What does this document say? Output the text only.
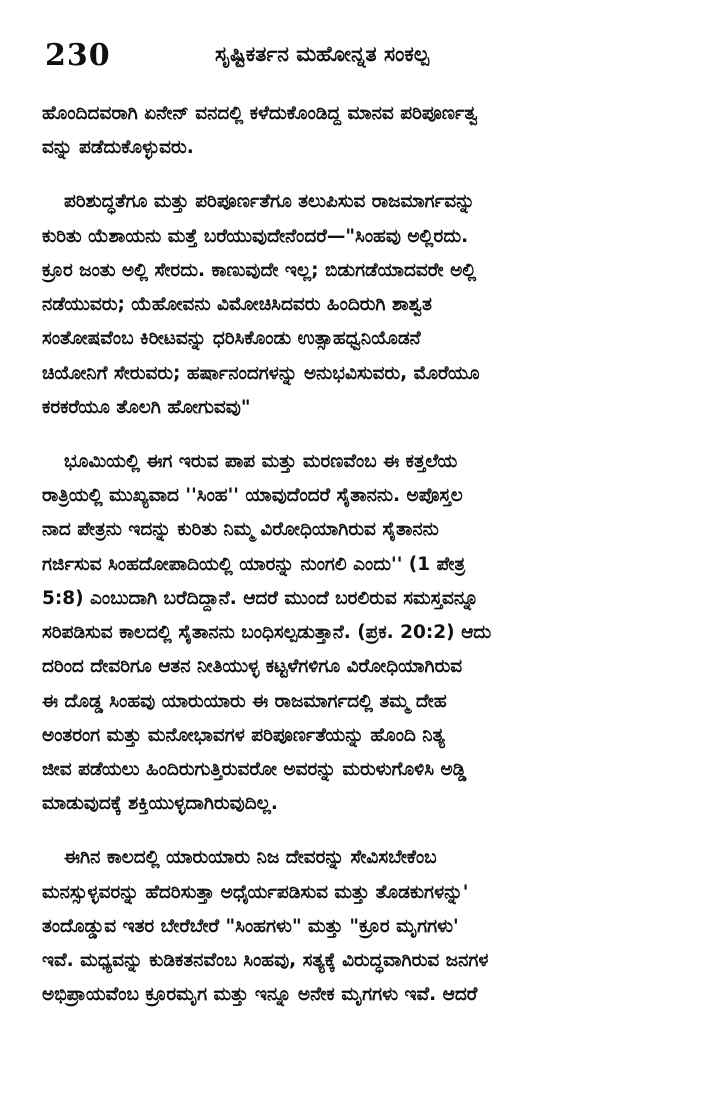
230	ಸೃಷ್ಟಿಕರ್ತನ ಮಹೋನ್ನತ ಸಂಕಲ್ಪ

ಹೊಂದಿದವರಾಗಿ ಏನೇನ್ ವನದಲ್ಲಿ ಕಳೆದುಕೊಂಡಿದ್ದ ಮಾನವ ಪರಿಪೂರ್ಣತ್ವ
ವನ್ನು ಪಡೆದುಕೊಳ್ಳುವರು.

ಪರಿಶುದ್ಧತೆಗೂ ಮತ್ತು ಪರಿಪೂರ್ಣತೆಗೂ ತಲುಪಿಸುವ ರಾಜಮಾರ್ಗವನ್ನು
ಕುರಿತು ಯೆಶಾಯನು ಮತ್ತೆ ಬರೆಯುವುದೇನೆಂದರೆ—"ಸಿಂಹವು ಅಲ್ಲಿರದು.
ಕ್ರೂರ ಜಂತು ಅಲ್ಲಿ ಸೇರದು. ಕಾಣುವುದೇ ಇಲ್ಲ; ಬಿಡುಗಡೆಯಾದವರೇ ಅಲ್ಲಿ
ನಡೆಯುವರು; ಯೆಹೋವನು ವಿಮೋಚಿಸಿದವರು ಹಿಂದಿರುಗಿ ಶಾಶ್ವತ
ಸಂತೋಷವೆಂಬ ಕಿರೀಟವನ್ನು ಧರಿಸಿಕೊಂಡು ಉತ್ಸಾಹಧ್ವನಿಯೊಡನೆ
ಚಿಯೋನಿಗೆ ಸೇರುವರು; ಹರ್ಷಾನಂದಗಳನ್ನು ಅನುಭವಿಸುವರು, ಮೊರೆಯೂ
ಕರಕರೆಯೂ ತೊಲಗಿ ಹೋಗುವವು"

ಭೂಮಿಯಲ್ಲಿ ಈಗ ಇರುವ ಪಾಪ ಮತ್ತು ಮರಣವೆಂಬ ಈ ಕತ್ತಲೆಯ
ರಾತ್ರಿಯಲ್ಲಿ ಮುಖ್ಯವಾದ ''ಸಿಂಹ'' ಯಾವುದೆಂದರೆ ಸೈತಾನನು. ಅಪೊಸ್ತಲ
ನಾದ ಪೇತ್ರನು ಇದನ್ನು ಕುರಿತು ನಿಮ್ಮ ವಿರೋಧಿಯಾಗಿರುವ ಸೈತಾನನು
ಗರ್ಜಿಸುವ ಸಿಂಹದೋಪಾದಿಯಲ್ಲಿ ಯಾರನ್ನು ನುಂಗಲಿ ಎಂದು'' (1 ಪೇತ್ರ
5:8) ಎಂಬುದಾಗಿ ಬರೆದಿದ್ದಾನೆ. ಆದರೆ ಮುಂದೆ ಬರಲಿರುವ ಸಮಸ್ತವನ್ನೂ
ಸರಿಪಡಿಸುವ ಕಾಲದಲ್ಲಿ ಸೈತಾನನು ಬಂಧಿಸಲ್ಪಡುತ್ತಾನೆ. (ಪ್ರಕ. 20:2) ಆದು
ದರಿಂದ ದೇವರಿಗೂ ಆತನ ನೀತಿಯುಳ್ಳ ಕಟ್ಟಳೆಗಳಿಗೂ ವಿರೋಧಿಯಾಗಿರುವ
ಈ ದೊಡ್ಡ ಸಿಂಹವು ಯಾರುಯಾರು ಈ ರಾಜಮಾರ್ಗದಲ್ಲಿ ತಮ್ಮ ದೇಹ
ಅಂತರಂಗ ಮತ್ತು ಮನೋಭಾವಗಳ ಪರಿಪೂರ್ಣತೆಯನ್ನು ಹೊಂದಿ ನಿತ್ಯ
ಜೀವ ಪಡೆಯಲು ಹಿಂದಿರುಗುತ್ತಿರುವರೋ ಅವರನ್ನು ಮರುಳುಗೊಳಿಸಿ ಅಡ್ಡಿ
ಮಾಡುವುದಕ್ಕೆ ಶಕ್ತಿಯುಳ್ಳದಾಗಿರುವುದಿಲ್ಲ.

ಈಗಿನ ಕಾಲದಲ್ಲಿ ಯಾರುಯಾರು ನಿಜ ದೇವರನ್ನು ಸೇವಿಸಬೇಕೆಂಬ
ಮನಸ್ಸುಳ್ಳವರನ್ನು ಹೆದರಿಸುತ್ತಾ ಅಧೈರ್ಯಪಡಿಸುವ ಮತ್ತು ತೊಡಕುಗಳನ್ನು'
ತಂದೊಡ್ಡುವ ಇತರ ಬೇರೆಬೇರೆ "ಸಿಂಹಗಳು" ಮತ್ತು "ಕ್ರೂರ ಮೃಗಗಳು'
ಇವೆ. ಮಧ್ಯವನ್ನು ಕುಡಿಕತನವೆಂಬ ಸಿಂಹವು, ಸತ್ಯಕ್ಕೆ ವಿರುದ್ಧವಾಗಿರುವ ಜನಗಳ
ಅಭಿಪ್ರಾಯವೆಂಬ ಕ್ರೂರಮೃಗ ಮತ್ತು ಇನ್ನೂ ಅನೇಕ ಮೃಗಗಳು ಇವೆ. ಆದರೆ
